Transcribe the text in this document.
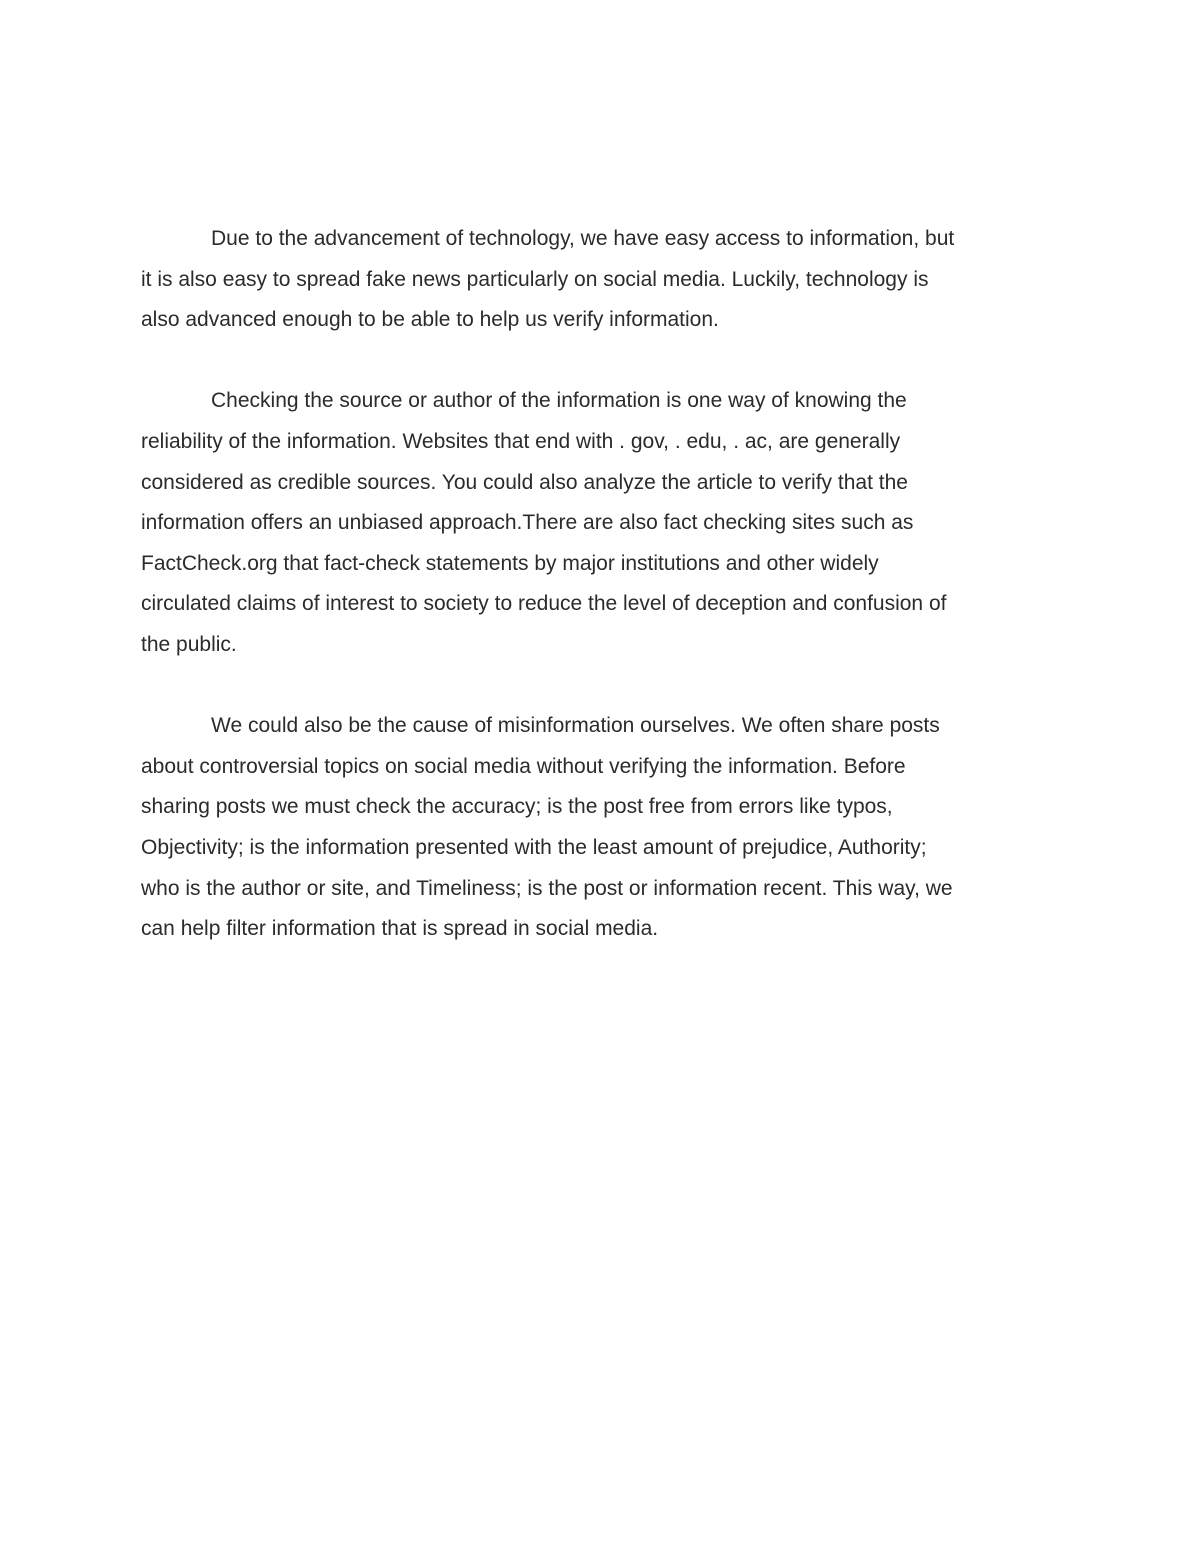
Due to the advancement of technology, we have easy access to information, but
it is also easy to spread fake news particularly on social media. Luckily, technology is
also advanced enough to be able to help us verify information.

Checking the source or author of the information is one way of knowing the
reliability of the information. Websites that end with . gov, . edu, . ac, are generally
considered as credible sources. You could also analyze the article to verify that the
information offers an unbiased approach.There are also fact checking sites such as
FactCheck.org that fact-check statements by major institutions and other widely
circulated claims of interest to society to reduce the level of deception and confusion of
the public.

We could also be the cause of misinformation ourselves. We often share posts
about controversial topics on social media without verifying the information. Before
sharing posts we must check the accuracy; is the post free from errors like typos,
Objectivity; is the information presented with the least amount of prejudice, Authority;
who is the author or site, and Timeliness; is the post or information recent. This way, we
can help filter information that is spread in social media.
